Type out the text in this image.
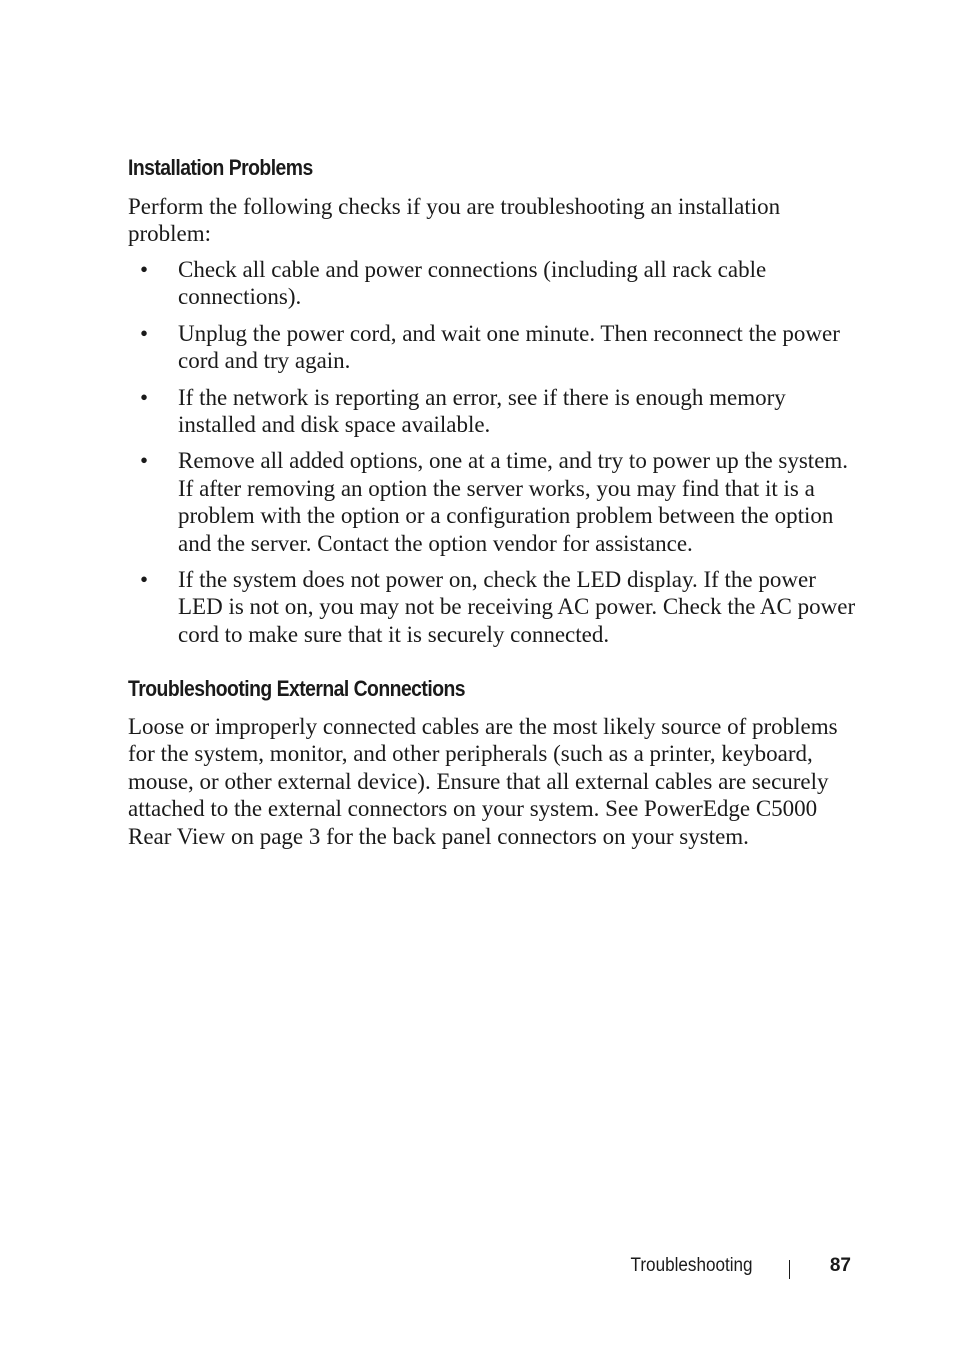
Installation Problems

Perform the following checks if you are troubleshooting an installation problem:

• Check all cable and power connections (including all rack cable connections).
• Unplug the power cord, and wait one minute. Then reconnect the power cord and try again.
• If the network is reporting an error, see if there is enough memory installed and disk space available.
• Remove all added options, one at a time, and try to power up the system. If after removing an option the server works, you may find that it is a problem with the option or a configuration problem between the option and the server. Contact the option vendor for assistance.
• If the system does not power on, check the LED display. If the power LED is not on, you may not be receiving AC power. Check the AC power cord to make sure that it is securely connected.
Troubleshooting External Connections

Loose or improperly connected cables are the most likely source of problems for the system, monitor, and other peripherals (such as a printer, keyboard, mouse, or other external device). Ensure that all external cables are securely attached to the external connectors on your system. See PowerEdge C5000 Rear View on page 3 for the back panel connectors on your system.

Troubleshooting	87
